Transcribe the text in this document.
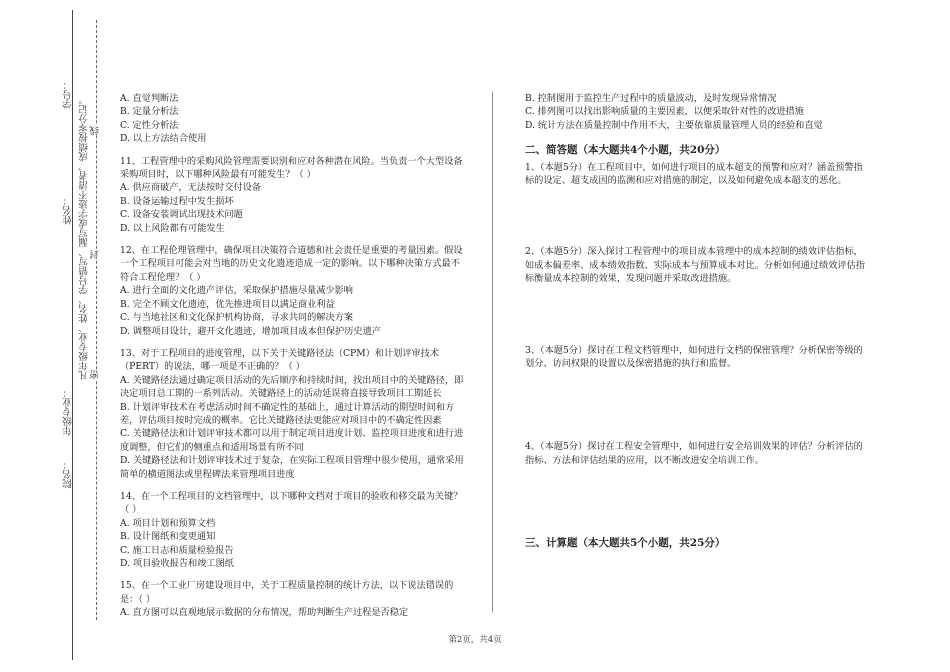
学号：
姓名：
年级专业：
院名：
凡年级专业、姓名、学号错写、漏写或字迹不清者，成绩按零分记。 密
封
线

A. 直觉判断法

B. 定量分析法

C. 定性分析法

D. 以上方法结合使用

11、工程管理中的采购风险管理需要识别和应对各种潜在风险。当负责一个大型设备采购项目时，以下哪种风险最有可能发生？（ ）

A. 供应商破产，无法按时交付设备

B. 设备运输过程中发生损坏

C. 设备安装调试出现技术问题

D. 以上风险都有可能发生

12、在工程伦理管理中，确保项目决策符合道德和社会责任是重要的考量因素。假设一个工程项目可能会对当地的历史文化遗迹造成一定的影响。以下哪种决策方式最不符合工程伦理？（ ）

A. 进行全面的文化遗产评估，采取保护措施尽量减少影响

B. 完全不顾文化遗迹，优先推进项目以满足商业利益

C. 与当地社区和文化保护机构协商，寻求共同的解决方案

D. 调整项目设计，避开文化遗迹，增加项目成本但保护历史遗产

13、对于工程项目的进度管理，以下关于关键路径法（CPM）和计划评审技术（PERT）的说法，哪一项是不正确的？（ ）

A. 关键路径法通过确定项目活动的先后顺序和持续时间，找出项目中的关键路径，即决定项目总工期的一系列活动。关键路径上的活动延误将直接导致项目工期延长

B. 计划评审技术在考虑活动时间不确定性的基础上，通过计算活动的期望时间和方差，评估项目按时完成的概率。它比关键路径法更能应对项目中的不确定性因素

C. 关键路径法和计划评审技术都可以用于制定项目进度计划、监控项目进度和进行进度调整，但它们的侧重点和适用场景有所不同

D. 关键路径法和计划评审技术过于复杂，在实际工程项目管理中很少使用，通常采用简单的横道图法或里程碑法来管理项目进度

14、在一个工程项目的文档管理中，以下哪种文档对于项目的验收和移交最为关键？（ ）

A. 项目计划和预算文档

B. 设计图纸和变更通知

C. 施工日志和质量检验报告

D. 项目验收报告和竣工图纸

15、在一个工业厂房建设项目中，关于工程质量控制的统计方法，以下说法错误的是：（ ）

A. 直方图可以直观地展示数据的分布情况，帮助判断生产过程是否稳定

B. 控制图用于监控生产过程中的质量波动，及时发现异常情况

C. 排列图可以找出影响质量的主要因素，以便采取针对性的改进措施

D. 统计方法在质量控制中作用不大，主要依靠质量管理人员的经验和直觉

二、简答题（本大题共4个小题，共20分）

1、（本题5分）在工程项目中，如何进行项目的成本超支的预警和应对？涵盖预警指标的设定、超支成因的监测和应对措施的制定，以及如何避免成本超支的恶化。

2、（本题5分）深入探讨工程管理中的项目成本管理中的成本控制的绩效评估指标，如成本偏差率、成本绩效指数、实际成本与预算成本对比。分析如何通过绩效评估指标衡量成本控制的效果，发现问题并采取改进措施。

3、（本题5分）探讨在工程文档管理中，如何进行文档的保密管理？分析保密等级的划分、访问权限的设置以及保密措施的执行和监督。

4、（本题5分）探讨在工程安全管理中，如何进行安全培训效果的评估？分析评估的指标、方法和评估结果的应用，以不断改进安全培训工作。

三、计算题（本大题共5个小题，共25分）

第2页，共4页
